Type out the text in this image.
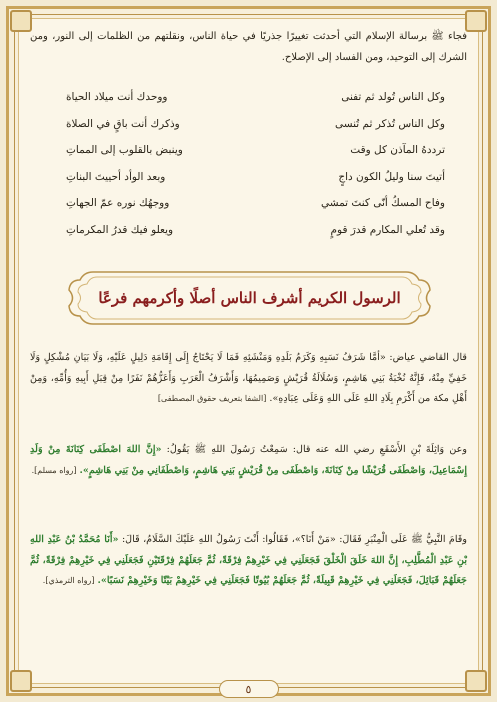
فجاء ﷺ برسالة الإسلام التي أحدثت تغييرًا جذريًا في حياة الناس، ونقلتهم من الظلمات إلى النور، ومن الشرك إلى التوحيد، ومن الفساد إلى الإصلاح.

وكل الناس تُولد ثم تفنى
ووحدك أنت ميلاد الحياة
وكل الناس تُذكر ثم تُنسى
وذكرك أنت باقٍ في الصلاة
ترددهُ المآذن كل وقت
وينبض بالقلوب إلى المماتِ
أتيتَ سنا وليلُ الكون داجٍ
وبعد الوأد أحييتَ البناتِ
وفاح المسكُ أنّى كنتَ تمشي
ووجهُك نوره عمّ الجهاتِ
وقد تُعلي المكارم قدرَ قومٍ
ويعلو فيك قدرُ المكرماتِ
الرسول الكريم أشرف الناس أصلًا وأكرمهم فرعًا
قال القاضي عياض: «أمَّا شَرَفُ نَسَبِهِ وَكَرَمُ بَلَدِهِ وَمَنْشَئِهِ فَمَا لَا يَحْتَاجُ إِلَى إِقَامَةِ دَلِيلٍ عَلَيْهِ، وَلَا بَيَانِ مُشْكِلٍ وَلَا خَفِيِّ مِنْهُ، فَإِنَّهُ نُخْبَةُ بَنِي هَاشِمٍ، وَسُلَالَةُ قُرَيْشٍ وَصَمِيمُهَا، وَأَشْرَفُ الْعَرَبِ وَأَعَزُّهُمْ نَفَرًا مِنْ قِبَلِ أَبِيهِ وَأُمِّهِ، وَمِنْ أَهْلِ مكة من أَكْرَمِ بِلَادِ اللهِ عَلَى اللهِ وَعَلَى عِبَادِهِ». [الشفا بتعريف حقوق المصطفى]
وعن وَاثِلَةَ بْنِ الأَسْقَعِ رضي الله عنه قال: سَمِعْتُ رَسُولَ اللهِ ﷺ يَقُولُ: «إِنَّ اللهَ اصْطَفَى كِنَانَةَ مِنْ وَلَدِ إِسْمَاعِيلَ، وَاصْطَفَى قُرَيْشًا مِنْ كِنَانَةَ، وَاصْطَفَى مِنْ قُرَيْشٍ بَنِي هَاشِمٍ، وَاصْطَفَانِي مِنْ بَنِي هَاشِمٍ». [رواه مسلم].
وقَامَ النَّبِيُّ ﷺ عَلَى الْمِنْبَرِ فَقَالَ: «مَنْ أَنَا؟»، فَقَالُوا: أَنْتَ رَسُولُ اللهِ عَلَيْكَ السَّلَامُ، قَالَ: «أَنَا مُحَمَّدُ بْنُ عَبْدِ اللهِ بْنِ عَبْدِ الْمُطَّلِبِ، إِنَّ اللهَ خَلَقَ الْخَلْقَ فَجَعَلَنِي فِي خَيْرِهِمْ فِرْقَةً، ثُمَّ جَعَلَهُمْ فِرْقَتَيْنِ فَجَعَلَنِي فِي خَيْرِهِمْ فِرْقَةً، ثُمَّ جَعَلَهُمْ قَبَائِلَ، فَجَعَلَنِي فِي خَيْرِهِمْ قَبِيلَةً، ثُمَّ جَعَلَهُمْ بُيُوتًا فَجَعَلَنِي فِي خَيْرِهِمْ بَيْتًا وَخَيْرِهِمْ نَسَبًا». [رواه الترمذي].
٥
